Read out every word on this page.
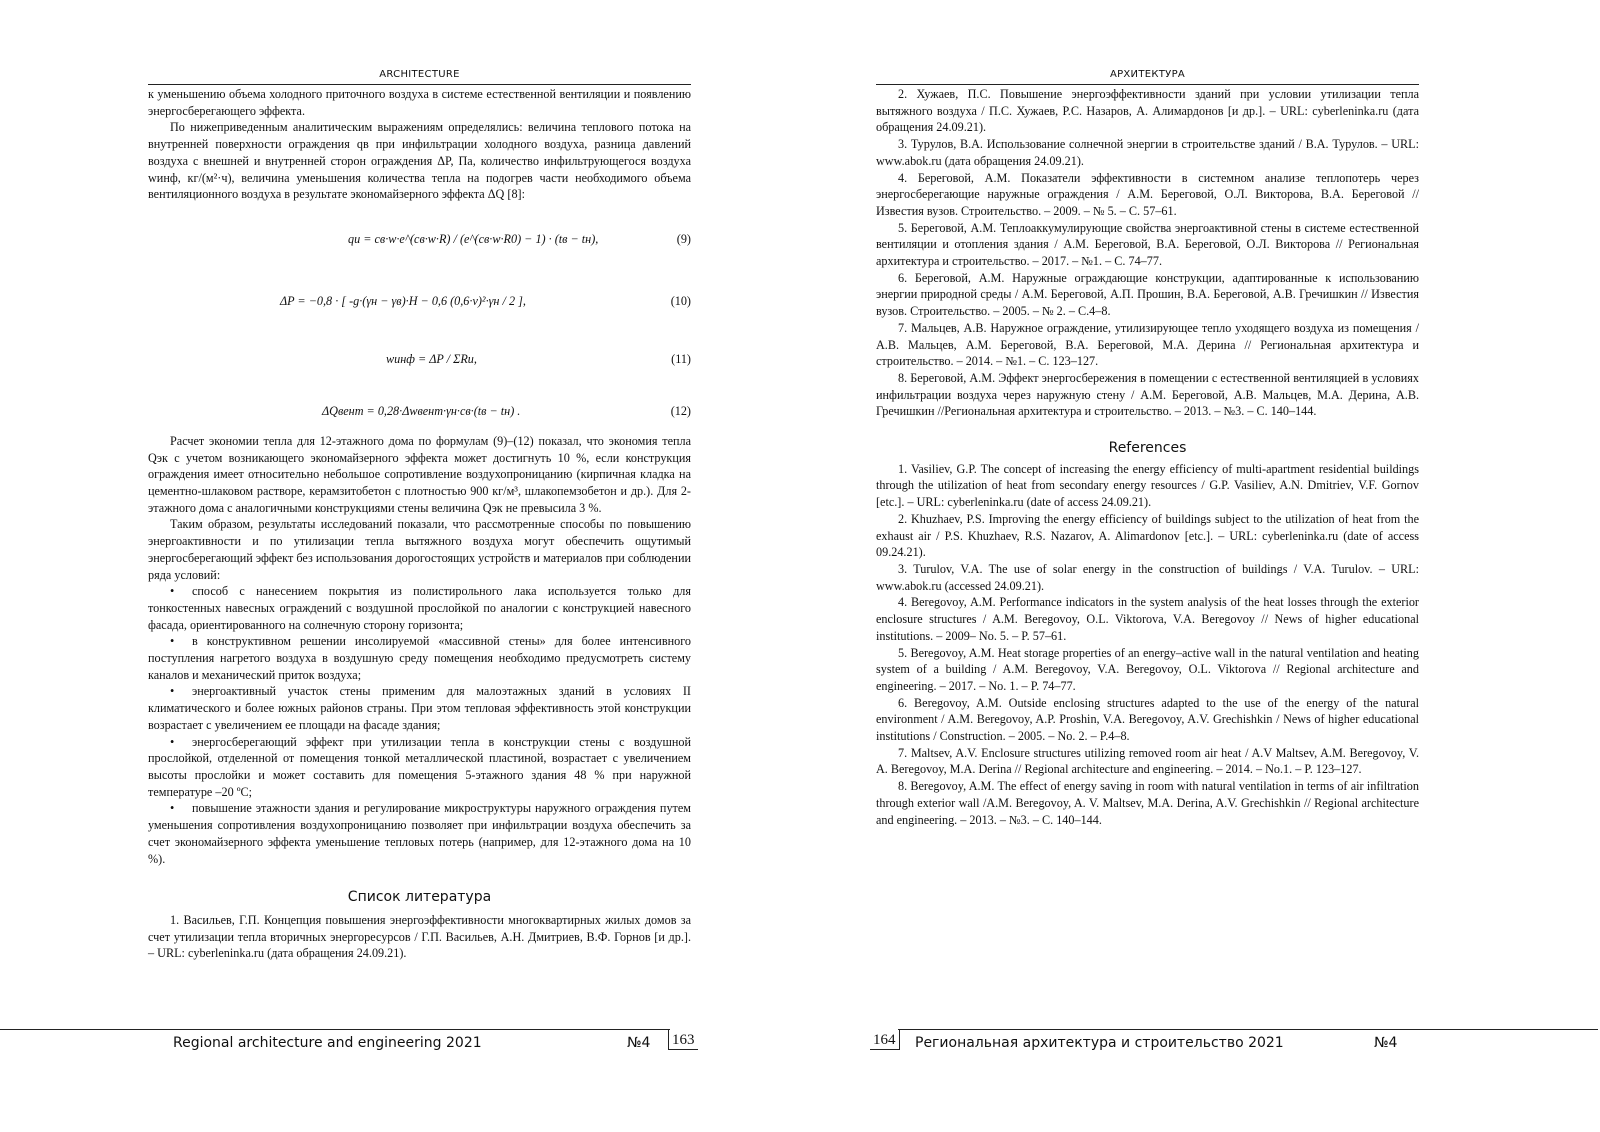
ARCHITECTURE

к уменьшению объема холодного приточного воздуха в системе естественной вентиляции и появлению энергосберегающего эффекта.

По нижеприведенным аналитическим выражениям определялись: величина теплового потока на внутренней поверхности ограждения qв при инфильтрации холодного воздуха, разница давлений воздуха с внешней и внутренней сторон ограждения ΔP, Па, количество инфильтрующегося воздуха wинф, кг/(м²·ч), величина уменьшения количества тепла на подогрев части необходимого объема вентиляционного воздуха в результате экономайзерного эффекта ΔQ [8]:

qи = cв·w·e^(cв·w·R) / (e^(cв·w·R0) − 1) · (tв − tн),	(9)
ΔP = −0,8 · [ -g·(γн − γв)·H − 0,6 (0,6·v)²·γн / 2 ],	(10)
wинф = ΔP / ΣRи,	(11)
ΔQвент = 0,28·Δwвент·γн·cв·(tв − tн) .	(12)

Расчет экономии тепла для 12-этажного дома по формулам (9)–(12) показал, что экономия тепла Qэк с учетом возникающего экономайзерного эффекта может достигнуть 10 %, если конструкция ограждения имеет относительно небольшое сопротивление воздухопроницанию (кирпичная кладка на цементно-шлаковом растворе, керамзитобетон с плотностью 900 кг/м³, шлакопемзобетон и др.). Для 2-этажного дома с аналогичными конструкциями стены величина Qэк не превысила 3 %.

Таким образом, результаты исследований показали, что рассмотренные способы по повышению энергоактивности и по утилизации тепла вытяжного воздуха могут обеспечить ощутимый энергосберегающий эффект без использования дорогостоящих устройств и материалов при соблюдении ряда условий:

• способ с нанесением покрытия из полистирольного лака используется только для тонкостенных навесных ограждений с воздушной прослойкой по аналогии с конструкцией навесного фасада, ориентированного на солнечную сторону горизонта;

• в конструктивном решении инсолируемой «массивной стены» для более интенсивного поступления нагретого воздуха в воздушную среду помещения необходимо предусмотреть систему каналов и механический приток воздуха;

• энергоактивный участок стены применим для малоэтажных зданий в условиях II климатического и более южных районов страны. При этом тепловая эффективность этой конструкции возрастает с увеличением ее площади на фасаде здания;

• энергосберегающий эффект при утилизации тепла в конструкции стены с воздушной прослойкой, отделенной от помещения тонкой металлической пластиной, возрастает с увеличением высоты прослойки и может составить для помещения 5-этажного здания 48 % при наружной температуре –20 ºС;

• повышение этажности здания и регулирование микроструктуры наружного ограждения путем уменьшения сопротивления воздухопроницанию позволяет при инфильтрации воздуха обеспечить за счет экономайзерного эффекта уменьшение тепловых потерь (например, для 12-этажного дома на 10 %).

Список литература

1. Васильев, Г.П. Концепция повышения энергоэффективности многоквартирных жилых домов за счет утилизации тепла вторичных энергоресурсов / Г.П. Васильев, А.Н. Дмитриев, В.Ф. Горнов [и др.]. – URL: cyberleninka.ru (дата обращения 24.09.21).

Regional architecture and engineering 2021	№4 163
АРХИТЕКТУРА

2. Хужаев, П.С. Повышение энергоэффективности зданий при условии утилизации тепла вытяжного воздуха / П.С. Хужаев, Р.С. Назаров, А. Алимардонов [и др.]. – URL: cyberleninka.ru (дата обращения 24.09.21).

3. Турулов, В.А. Использование солнечной энергии в строительстве зданий / В.А. Турулов. – URL: www.abok.ru (дата обращения 24.09.21).

4. Береговой, А.М. Показатели эффективности в системном анализе теплопотерь через энергосберегающие наружные ограждения / А.М. Береговой, О.Л. Викторова, В.А. Береговой // Известия вузов. Строительство. – 2009. – № 5. – С. 57–61.

5. Береговой, А.М. Теплоаккумулирующие свойства энергоактивной стены в системе естественной вентиляции и отопления здания / А.М. Береговой, В.А. Береговой, О.Л. Викторова // Региональная архитектура и строительство. – 2017. – №1. – С. 74–77.

6. Береговой, А.М. Наружные ограждающие конструкции, адаптированные к использованию энергии природной среды / А.М. Береговой, А.П. Прошин, В.А. Береговой, А.В. Гречишкин // Известия вузов. Строительство. – 2005. – № 2. – С.4–8.

7. Мальцев, А.В. Наружное ограждение, утилизирующее тепло уходящего воздуха из помещения / А.В. Мальцев, А.М. Береговой, В.А. Береговой, М.А. Дерина // Региональная архитектура и строительство. – 2014. – №1. – С. 123–127.

8. Береговой, А.М. Эффект энергосбережения в помещении с естественной вентиляцией в условиях инфильтрации воздуха через наружную стену / А.М. Береговой, А.В. Мальцев, М.А. Дерина, А.В. Гречишкин //Региональная архитектура и строительство. – 2013. – №3. – С. 140–144.

References

1. Vasiliev, G.P. The concept of increasing the energy efficiency of multi-apartment residential buildings through the utilization of heat from secondary energy resources / G.P. Vasiliev, A.N. Dmitriev, V.F. Gornov [etc.]. – URL: cyberleninka.ru (date of access 24.09.21).

2. Khuzhaev, P.S. Improving the energy efficiency of buildings subject to the utilization of heat from the exhaust air / P.S. Khuzhaev, R.S. Nazarov, A. Alimardonov [etc.]. – URL: cyberleninka.ru (date of access 09.24.21).

3. Turulov, V.A. The use of solar energy in the construction of buildings / V.A. Turulov. – URL: www.abok.ru (accessed 24.09.21).

4. Beregovoy, A.M. Performance indicators in the system analysis of the heat losses through the exterior enclosure structures / A.M. Beregovoy, O.L. Viktorova, V.A. Beregovoy // News of higher educational institutions. – 2009– No. 5. – P. 57–61.

5. Beregovoy, A.M. Heat storage properties of an energy–active wall in the natural ventilation and heating system of a building / A.M. Beregovoy, V.A. Beregovoy, O.L. Viktorova // Regional architecture and engineering. – 2017. – No. 1. – P. 74–77.

6. Beregovoy, A.M. Outside enclosing structures adapted to the use of the energy of the natural environment / A.M. Beregovoy, A.P. Proshin, V.A. Beregovoy, A.V. Grechishkin / News of higher educational institutions / Construction. – 2005. – No. 2. – P.4–8.

7. Maltsev, A.V. Enclosure structures utilizing removed room air heat / A.V Maltsev, A.M. Beregovoy, V. A. Beregovoy, M.A. Derina // Regional architecture and engineering. – 2014. – No.1. – P. 123–127.

8. Beregovoy, A.M. The effect of energy saving in room with natural ventilation in terms of air infiltration through exterior wall /A.M. Beregovoy, A. V. Maltsev, M.A. Derina, A.V. Grechishkin // Regional architecture and engineering. – 2013. – №3. – С. 140–144.

164 Региональная архитектура и строительство 2021	№4
